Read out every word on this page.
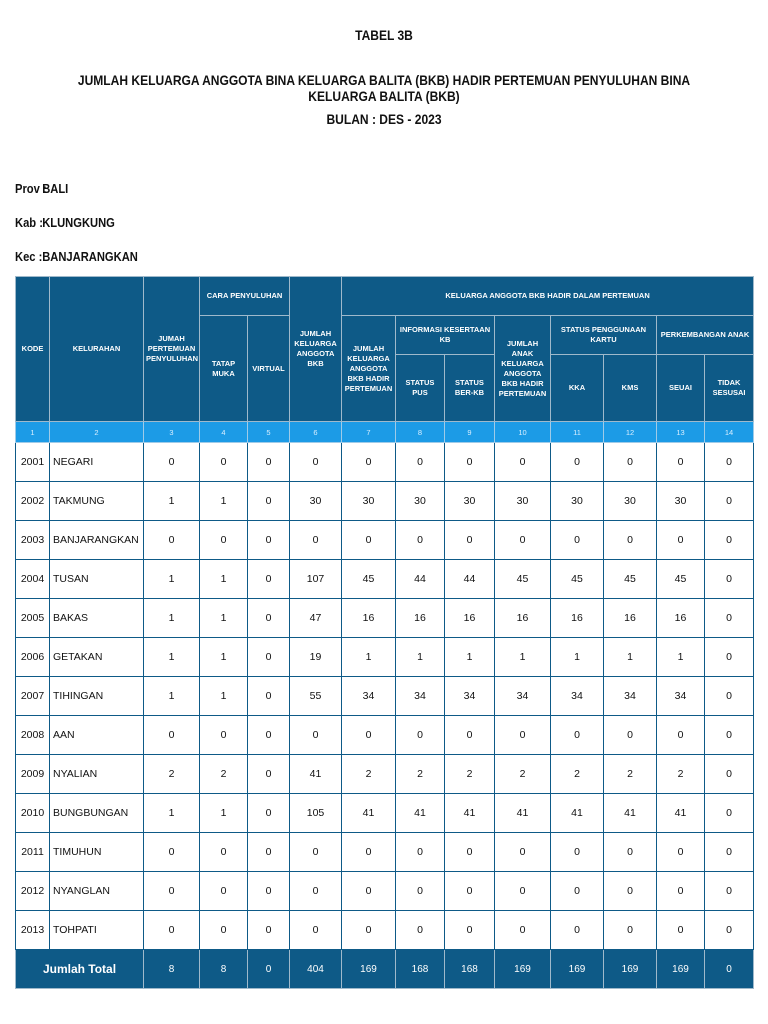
TABEL 3B
JUMLAH KELUARGA ANGGOTA BINA KELUARGA BALITA (BKB) HADIR PERTEMUAN PENYULUHAN BINA KELUARGA BALITA (BKB)
BULAN : DES - 2023
Prov : BALI
Kab : KLUNGKUNG
Kec : BANJARANGKAN
KODE	KELURAHAN	JUMAH PERTEMUAN PENYULUHAN	CARA PENYULUHAN		JUMLAH KELUARGA ANGGOTA BKB	KELUARGA ANGGOTA BKB HADIR DALAM PERTEMUAN							
			TATAP MUKA	VIRTUAL		JUMLAH KELUARGA ANGGOTA BKB HADIR PERTEMUAN	INFORMASI KESERTAAN KB		JUMLAH ANAK KELUARGA ANGGOTA BKB HADIR PERTEMUAN	STATUS PENGGUNAAN KARTU		PERKEMBANGAN ANAK	
							STATUS PUS	STATUS BER-KB		KKA	KMS	SEUAI	TIDAK SESUSAI
1	2	3	4	5	6	7	8	9	10	11	12	13	14
2001	NEGARI	0	0	0	0	0	0	0	0	0	0	0	0
2002	TAKMUNG	1	1	0	30	30	30	30	30	30	30	30	0
2003	BANJARANGKAN	0	0	0	0	0	0	0	0	0	0	0	0
2004	TUSAN	1	1	0	107	45	44	44	45	45	45	45	0
2005	BAKAS	1	1	0	47	16	16	16	16	16	16	16	0
2006	GETAKAN	1	1	0	19	1	1	1	1	1	1	1	0
2007	TIHINGAN	1	1	0	55	34	34	34	34	34	34	34	0
2008	AAN	0	0	0	0	0	0	0	0	0	0	0	0
2009	NYALIAN	2	2	0	41	2	2	2	2	2	2	2	0
2010	BUNGBUNGAN	1	1	0	105	41	41	41	41	41	41	41	0
2011	TIMUHUN	0	0	0	0	0	0	0	0	0	0	0	0
2012	NYANGLAN	0	0	0	0	0	0	0	0	0	0	0	0
2013	TOHPATI	0	0	0	0	0	0	0	0	0	0	0	0
Jumlah Total		8	8	0	404	169	168	168	169	169	169	169	0
